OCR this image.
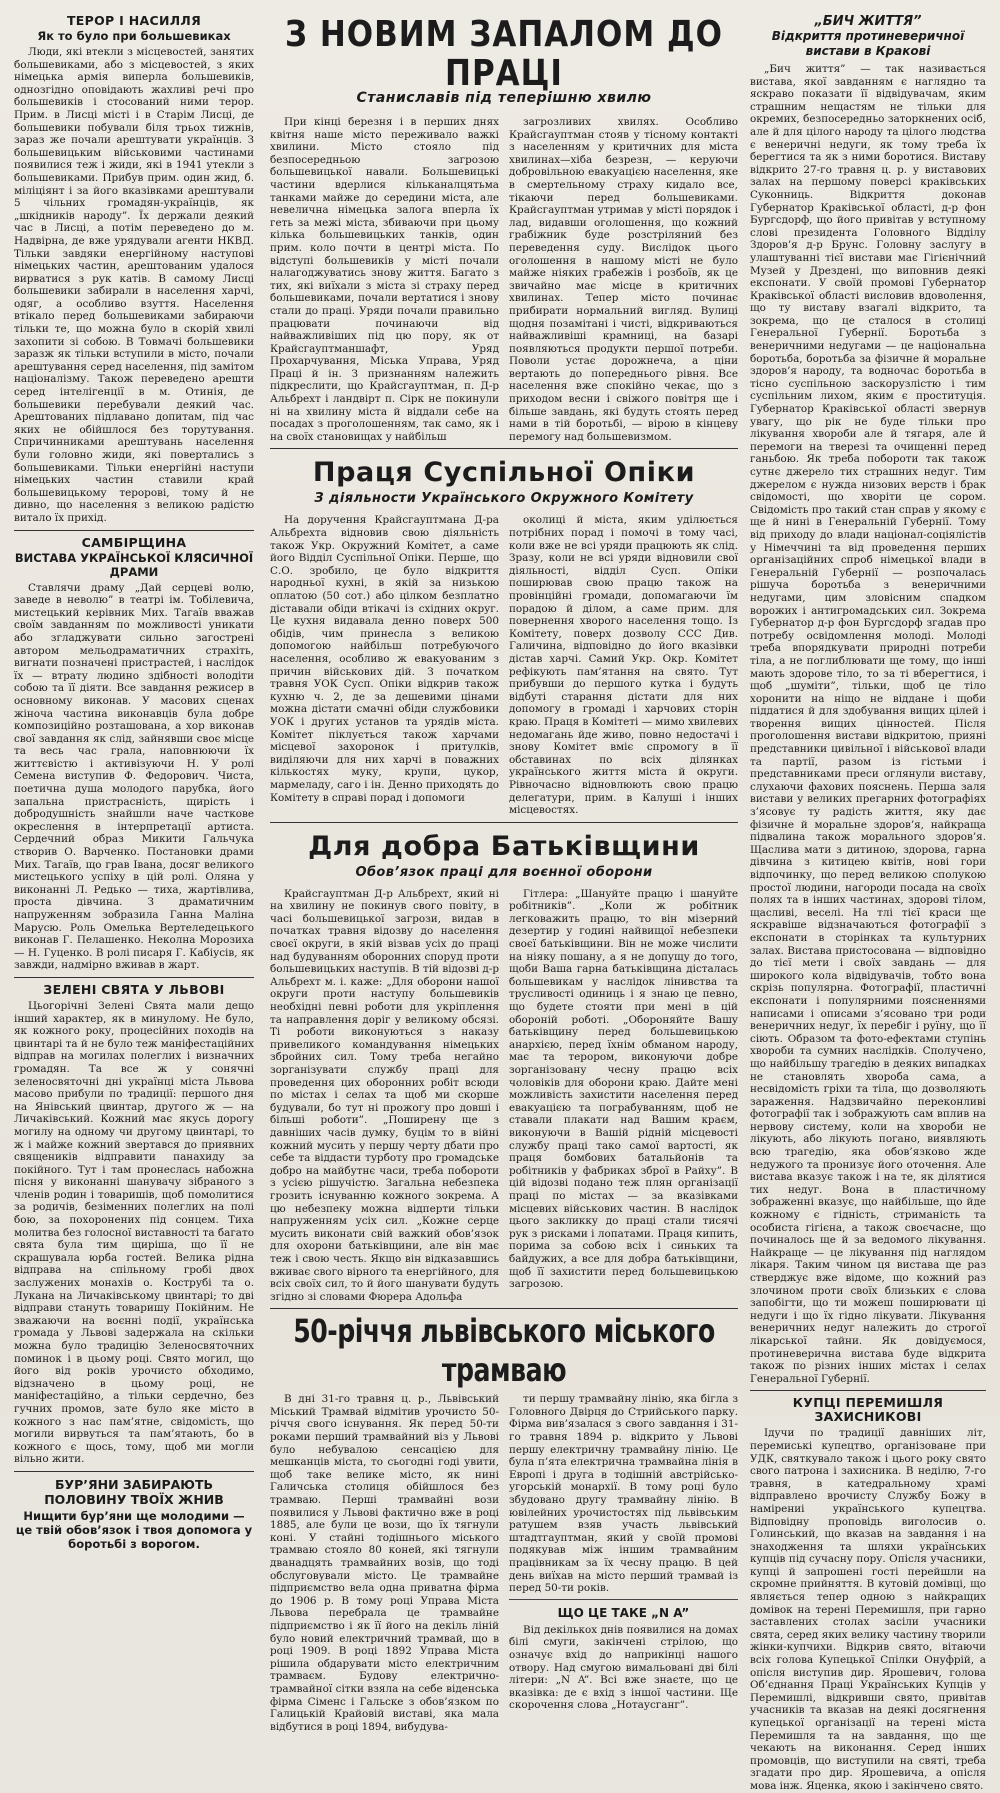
ТЕРОР І НАСИЛЛЯ
Як то було при большевиках

Люди, які втекли з місцевостей, занятих большевиками, або з місцевостей, з яких німецька армія виперла большевиків, однозгідно оповідають жахливі речі про большевиків і стосований ними терор. Прим. в Лисці місті і в Старім Лисці, де большевики побували біля трьох тижнів, зараз же почали арештувати українців. З большевицьким військовими частинами появилися теж і жиди, які в 1941 утекли з большевиками. Прибув прим. один жид, б. міліціянт і за його вказівками арештували 5 чільних громадян-українців, як „шкідників народу”. Їх держали деякий час в Лисці, а потім переведено до м. Надвірна, де вже урядували агенти НКВД. Тільки завдяки енергійному наступові німецьких частин, арештованим удалося вирватися з рук катів. В самому Лисці большевики забирали в населення харчі, одяг, а особливо взуття. Населення втікало перед большевиками забираючи тільки те, що можна було в скорій хвилі захопити зі собою. В Товмачі большевики заразж як тільки вступили в місто, почали арештування серед населення, під замітом націоналізму. Також переведено арешти серед інтелігенції в м. Отинія, де большевики перебували деякий час. Арештованих підлавано допитам, під час яких не обійшлося без торутування. Спричинниками арештувань населення були головно жиди, які повертались з большевиками. Тільки енергійні наступи німецьких частин ставили край большевицькому теророві, тому й не дивно, що населення з великою радістю витало їх прихід.

САМБІРЩИНА
ВИСТАВА УКРАЇНСЬКОЇ КЛЯСИЧНОЇ ДРАМИ

Ставлячи драму „Дай серцеві волю, заведе в неволю” в театрі ім. Тобілевича, мистецький керівник Мих. Тагаїв вважав своїм завданням по можливості уникати або згладжувати сильно загострені автором мельодраматичних страхіть, вигнати позначені пристрастей, і наслідок їх — втрату людино здібності володіти собою та її діяти. Все завдання режисер в основному виконав. У масових сценах жіноча частина виконавців була добре композиційно розташована, а хор виконав свої завдання як слід, зайнявши своє місце та весь час грала, наповнюючи їх життєвістю і активізуючи Н. У ролі Семена виступив Ф. Федорович. Чиста, поетична душа молодого парубка, його запальна пристрасність, щирість і добродушність знайшли наче часткове окреслення в інтерпретації артиста. Сердечний образ Микити Гальчука створив О. Варченко. Постановки драми Мих. Тагаїв, що грав Івана, досяг великого мистецького успіху в цій ролі. Оляна у виконанні Л. Редько — тиха, жартівлива, проста дівчина. З драматичним напруженням зобразила Ганна Маліна Марусю. Роль Омелька Вертеледецького виконав Г. Пелашенко. Неколна Морозиха — Н. Гуценко. В ролі писаря Г. Кабіусів, як завжди, надмірно вживав в жарт.

ЗЕЛЕНІ СВЯТА У ЛЬВОВІ

Цьогорічні Зелені Свята мали дещо інший характер, як в минулому. Не було, як кожного року, процесійних походів на цвинтарі та й не було теж маніфестаційних відправ на могилах полеглих і визначних громадян. Та все ж у сонячні зеленосвяточні дні українці міста Львова масово прибули по традиції: першого дня на Янівський цвинтар, другого ж — на Личаківський. Кожний має якусь дорогу могилу на одному чи другому цвинтарі, то ж і майже кожний звертався до приявних священиків відправити панахиду за покійного. Тут і там пронеслась набожна пісня у виконанні шанувачу зібраного з членів родин і товаришів, щоб помолитися за родичів, безіменних полеглих на полі бою, за похоронених під сонцем. Тиха молитва без голосної виставності та багато свята була тим щиріша, що її не скрашувала юрба гостей. Велика рідна відправа на спільному гробі двох заслужених монахів о. Кострубі та о. Лукана на Личаківському цвинтарі; то дві відправи стануть товаришу Покійним. Не зважаючи на воєнні події, українська громада у Львові задержала на скільки можна було традицію Зеленосвяточних поминок і в цьому році. Свято могил, що його від років урочисто обходимо, відзначено в цьому році, не маніфестаційно, а тільки сердечно, без гучних промов, зате було яке місто в кожного з нас пам’ятне, свідомість, що могили вирвуться та пам’ятають, бо в кожного є щось, тому, щоб ми могли вільно жити.

БУР’ЯНИ ЗАБИРАЮТЬ ПОЛОВИНУ ТВОЇХ ЖНИВ
Нищити бур’яни ще молодими — це твій обов’язок і твоя допомога у боротьбі з ворогом.
З НОВИМ ЗАПАЛОМ ДО ПРАЦІ
Станиславів під теперішню хвилю

При кінці березня і в перших днях квітня наше місто переживало важкі хвилини. Місто стояло під безпосередньою загрозою большевицької навали. Большевицькі частини вдерлися кільканалцятьма танками майже до середини міста, але невелична німецька залога вперла їх геть за межі міста, збиваючи при цьому кілька большевицьких танків, один прим. коло почти в центрі міста. По відступі большевиків у місті почали налагоджуватись знову життя. Багато з тих, які виїхали з міста зі страху перед большевиками, почали вертатися і знову стали до праці. Уряди почали правильно працювати починаючи від найважливіших під цю пору, як от Крайсгауптманшафт, Уряд Прохарчування, Міська Управа, Уряд Праці й ін. З признанням належить підкреслити, що Крайсгауптман, п. Д-р Альбрехт і ландвірт п. Сірк не покинули ні на хвилину міста й віддали себе на посадах з проголошенням, так само, як і на своїх становищах у найбільш

загрозливих хвилях. Особливо Крайсгауптман стояв у тісному контакті з населенням у критичних для міста хвилинах—хіба безрезн, — керуючи добровільною евакуацією населення, яке в смертельному страху кидало все, тікаючи перед большевиками. Крайсгауптман утримав у місті порядок і лад, видавши оголошення, що кожний грабіжник буде розстріляний без переведення суду. Вислідок цього оголошення в нашому місті не було майже ніяких грабежів і розбоїв, як це звичайно має місце в критичних хвилинах. Тепер місто починає прибирати нормальний вигляд. Вулиці щодня позамітані і чисті, відкриваються найважливіші крамниці, на базарі появляються продукти першої потреби. Поволи устає дорожнеча, а ціни вертають до попереднього рівня. Все населення вже спокійно чекає, що з приходом весни і свіжого повітря ще і більше завдань, які будуть стоять перед нами в тій боротьбі, — вірою в кінцеву перемогу над большевизмом.

Праця Суспільної Опіки
З діяльности Українського Окружного Комітету

На доручення Крайсгауптмана Д-ра Альбрехта відновив свою діяльність також Укр. Окружний Комітет, а саме його Відділ Суспільної Опіки. Перше, що С.О. зробило, це було відкриття народньої кухні, в якій за низькою оплатою (50 сот.) або цілком безплатно діставали обіди втікачі із східних округ. Це кухня видавала денно поверх 500 обідів, чим принесла з великою допомогою найбільш потребуючого населення, особливо ж евакуованим з причин військових дій. З початком травня УОК Сусп. Опіки відкрив також кухню ч. 2, де за дешевими цінами можна дістати смачні обіди службовики УОК і других установ та урядів міста. Комітет піклується також харчами місцевої захоронок і притулків, виділяючи для них харчі в поважних кількостях муку, крупи, цукор, мармеладу, саго і ін. Денно приходять до Комітету в справі порад і допомоги

околиці й міста, яким уділюється потрібних порад і помочі в тому часі, коли вже не всі уряди працюють як слід. Зразу, коли не всі уряди відновили свої діяльності, відділ Сусп. Опіки поширював свою працю також на провінційні громади, допомагаючи їм порадою й ділом, а саме прим. для повернення хворого населення тощо. Із Комітету, поверх дозволу ССС Див. Галичина, відповідно до його вказівки дістав харчі. Самий Укр. Окр. Комітет рефікують пам’ятання на свято. Тут прибувши до першого кутка і будуть відбуті старання дістати для них допомогу в громаді і харчових сторін краю. Праця в Комітеті — мимо хвилевих недомагань йде живо, повно недостачі і знову Комітет вміє спромогу в її обставинах по всіх ділянках українського життя міста й округи. Рівночасно відновлюють свою працю делегатури, прим. в Калуші і інших місцевостях.

Для добра Батьківщини
Обов’язок праці для воєнної оборони

Крайсгауптман Д-р Альбрехт, який ні на хвилину не покинув свого повіту, в часі большевицької загрози, видав в початках травня відозву до населення своєї округи, в якій візвав усіх до праці над будуванням оборонних споруд проти большевицьких наступів. В тій відозві д-р Альбрехт м. і. каже: „Для оборони нашої округи проти наступу большевиків необхідні певні роботи для укріплення та направлення доріг у великому обсязі. Ті роботи виконуються з наказу привеликого командування німецьких збройних сил. Тому треба негайно зорганізувати службу праці для проведення цих оборонних робіт всюди по містах і селах та щоб ми скорше будували, бо тут ні прожогу про довші і більші роботи”. „Поширену ще з давніших часів думку, буцім то в війні кожний мусить у першу черту дбати про себе та віддасти турботу про громадське добро на майбутнє часи, треба побороти з усією рішучістю. Загальна небезпека грозить існуванню кожного зокрема. А цю небезпеку можна відперти тільки напруженням усіх сил. „Кожне серце мусить виконати свій важкий обов’язок для охорони батьківщини, але він має теж і свою честь. Якщо він відказавшись вживає свого вірного та енергійного, для всіх своїх сил, то й його шанувати будуть згідно зі словами Фюрера Адольфа

Гітлера: „Шануйте працю і шануйте робітників”. „Коли ж робітник легковажить працю, то він мізерний дезертир у годині найвищої небезпеки своєї батьківщини. Він не може числити на ніяку пошану, а я не допущу до того, щоби Ваша гарна батьківщина дісталась большевикам у наслідок лінивства та трусливості одиниць і я знаю це певно, що будете стояти при мені в цій обороній роботі. „Обороняйте Вашу батьківщину перед большевицькою анархією, перед їхнім обманом народу, має та терором, виконуючи добре зорганізовану чесну працю всіх чоловіків для оборони краю. Дайте мені можливість захистити населення перед евакуацією та пограбуванням, щоб не ставали плакати над Вашим краєм, виконуючи в Вашій рідній місцевості службу праці тако самої вартості, як праця бомбових батальйонів та робітників у фабриках зброї в Райху”. В цій відозві подано теж плян організації праці по містах — за вказівками місцевих військових частин. В наслідок цього закликку до праці стали тисячі рук з рисками і лопатами. Праця кипить, порима за собою всіх і синьких та байдужих, а все для добра батьківщини, щоб її захистити перед большевицькою загрозою.

50-річчя львівського міського трамваю

В дні 31-го травня ц. р., Львівський Міський Трамвай відмітив урочисто 50-річчя свого існування. Як перед 50-ти роками перший трамвайний віз у Львові було небувалою сенсацією для мешканців міста, то сьогодні годі увити, щоб таке велике місто, як нині Галичська столиця обійшлося без трамваю. Перші трамвайні вози появилися у Львові фактично вже в році 1885, але були це вози, що їх тягнули коні. У стайні тодішнього міського трамваю стояло 80 коней, які тягнули дванадцять трамвайних возів, що тоді обслуговували місто. Це трамвайне підприємство вела одна приватна фірма до 1906 р. В тому році Управа Міста Львова перебрала це трамвайне підприємство і як її його на декіль ліній було новий електричний трамвай, що в році 1909. В році 1892 Управа Міста рішила обдарувати місто електричним трамваєм. Будову електрично-трамвайної сітки взяла на себе віденська фірма Сіменс і Гальске з обов’язком по Галицькій Крайовій виставі, яка мала відбутися в році 1894, вибудува-

ти першу трамвайну лінію, яка бігла з Головного Двірця до Стрийського парку. Фірма вив’язалася з свого завдання і 31-го травня 1894 р. відкрито у Львові першу електричну трамвайну лінію. Це була п’ята електрична трамвайна лінія в Европі і друга в тодішній австрійсько-угорській монархії. В тому році було збудовано другу трамвайну лінію. В ювілейних урочистостях під львівським ратушем взяв участь львівський штадтгауптман, який у своїй промові подякував між іншим трамвайним працівникам за їх чесну працю. В цей день виїхав на місто перший трамвай із перед 50-ти років.

ЩО ЦЕ ТАКЕ „N A”

Від декількох днів появилися на домах білі смуги, закінчені стрілою, що означує вхід до наприкінці нашого отвору. Над смугою вимальовані дві білі літери: „N A”. Всі вже знаєте, що це вказівка: де є вхід з іншої частини. Ще скорочення слова „Нотаусганг”.

„БИЧ ЖИТТЯ”
Відкриття протиневеричної вистави в Кракові

„Бич життя” — так називається вистава, якої завданням є наглядно та яскраво показати її відвідувачам, яким страшним нещастям не тільки для окремих, безпосередньо заторкнених осіб, але й для цілого народу та цілого людства є венеричні недуги, як тому треба їх берегтися та як з ними боротися. Виставу відкрито 27-го травня ц. р. у виставових залах на першому поверсі краківських Суконниць. Відкриття доконав Губернатор Краківської області, д-р фон Бургсдорф, що його привітав у вступному слові президента Головного Відділу Здоров’я д-р Брунс. Головну заслугу в улаштуванні тієї вистави має Гігієнічний Музей у Дрездені, що виповнив деякі експонати. У своїй промові Губернатор Краківської області висловив вдоволення, що ту виставу взагалі відкрито, та зокрема, що це сталося в столиці Генеральної Губернії. Боротьба з венеричними недугами — це національна боротьба, боротьба за фізичне й моральне здоров’я народу, та водночас боротьба в тісно суспільною заскорузлістю і тим суспільним лихом, яким є проституція. Губернатор Краківської області звернув увагу, що рік не буде тільки про лікування хвороби але й тягаря, але й перемоги на тверезі та очищенні перед ганьбою. Як треба побороти так також сутнє джерело тих страшних недуг. Тим джерелом є нужда низових верств і брак свідомості, що хворіти це сором. Свідомість про такий стан справ у якому є ще й нині в Генеральній Губернії. Тому від приходу до влади націонал-соціялістів у Німеччині та від проведення перших організаційних спроб німецької влади в Генеральній Губернії — розпочалась рішуча боротьба з венеричними недугами, цим зловісним спадком ворожих і антигромадських сил. Зокрема Губернатор д-р фон Бургсдорф згадав про потребу освідомлення молоді. Молоді треба впорядкувати природні потреби тіла, а не поглиблювати ще тому, що інші мають здорове тіло, то за ті вберегтися, і щоб „шуміти”, тільки, щоб це тіло хоронити на ніщо не віддане і щоби піддатися й для здобування вищих цілей і творення вищих цінностей. Після проголошення вистави відкритою, прияні представники цивільної і військової влади та партії, разом із гістьми і представниками преси оглянули виставу, слухаючи фахових пояснень. Перша заля вистави у великих прегарних фотографіях з’ясовує ту радість життя, яку дає фізичне й моральне здоров’я, найкраща підвалина також морального здоров’я. Щаслива мати з дитиною, здорова, гарна дівчина з китицею квітів, нові гори відпочинку, що перед великою сполукою простої людини, нагороди посада на своїх полях та в інших частинах, здорові тілом, щасливі, веселі. На тлі тієї краси ще яскравіше відзначаються фотографії з експонати в сторінках та культурних залах. Вистава пристосована — відповідно до тієї мети і своїх завдань — для широкого кола відвідувачів, тобто вона скрізь популярна. Фотографії, пластичні експонати і популярними поясненнями написами і описами з’ясовано три роди венеричних недуг, їх перебіг і руїну, що її сіють. Образом та фото-ефектами ступінь хвороби та сумних наслідків. Сполучено, що найбільшу трагедію в деяких випадках не становлять хвороба сама, а несвідомість гріхи та тіла, що дозволяють зараження. Надзвичайно переконливі фотографії так і зображують сам вплив на нервову систему, коли на хвороби не лікують, або лікують погано, виявляють всю трагедію, яка обов’язково жде недужого та пронизує його оточення. Але вистава вказує також і на те, як ділятися тих недуг. Вона в пластичному зображенні вказує, що найбільше, що йде кожному є гідність, стриманість та особиста гігієна, а також своєчасне, що починалось ще й за ведомого лікування. Найкраще — це лікування під наглядом лікаря. Таким чином ця вистава ще раз стверджує вже відоме, що кожний раз злочином проти своїх близьких є слова запобігти, що ти можеш поширювати ці недуги і що їх гідно лікувати. Лікування венеричних недуг належить до строгої лікарської тайни. Як довідуємося, протиневерична вистава буде відкрита також по різних інших містах і селах Генеральної Губернії.

КУПЦІ ПЕРЕМИШЛЯ ЗАХИСНИКОВІ

Ідучи по традиції давніших літ, перемиські купецтво, організоване при УДК, святкувало також і цього року свято свого патрона і захисника. В неділю, 7-го травня, в катедральному храмі відправлено врочисту Службу Божу в намірениі українського купецтва. Відповідну проповідь виголосив о. Голинський, що вказав на завдання і на знаходження та шляхи українських купців під сучасну пору. Опісля учасники, купці й запрошені гості перейшли на скромне прийняття. В кутовій домівці, що являється тепер одною з найкращих домівок на терені Перемишля, при гарно заставлених столах засіли учасники свята, серед яких велику частину творили жінки-купчихи. Відкрив свято, вітаючи всіх голова Купецької Спілки Онуфрій, а опісля виступив дир. Ярошевич, голова Об’єднання Праці Українських Купців у Перемишлі, відкривши свято, привітав учасників та вказав на деякі досягнення купецької організації на терені міста Перемишля та на завдання, що ще чекають на виконання. Серед інших промовців, що виступили на святі, треба згадати про дир. Ярошевича, а опісля мова інж. Яценка, якою і закінчено свято.
